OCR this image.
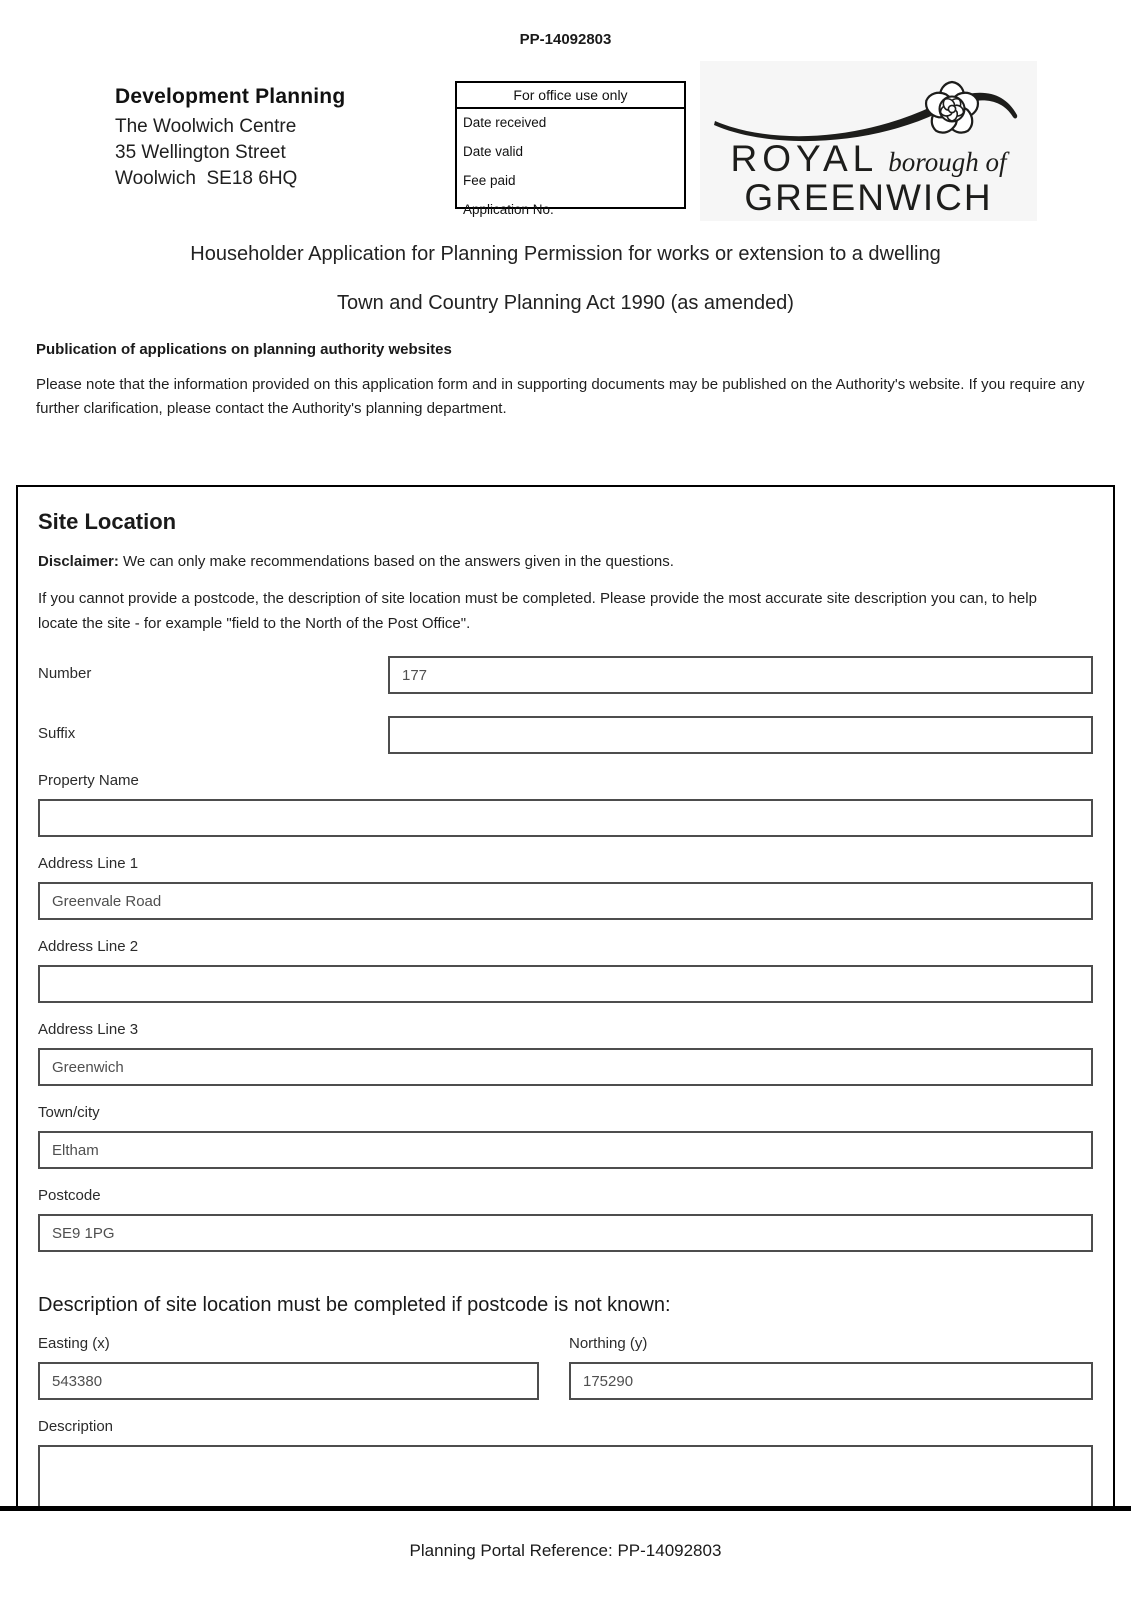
PP-14092803
Development Planning
The Woolwich Centre
35 Wellington Street
Woolwich  SE18 6HQ
For office use only
Date received
Date valid
Fee paid
Application No.
ROYAL borough of
GREENWICH
Householder Application for Planning Permission for works or extension to a dwelling
Town and Country Planning Act 1990 (as amended)
Publication of applications on planning authority websites
Please note that the information provided on this application form and in supporting documents may be published on the Authority's website. If you require any further clarification, please contact the Authority's planning department.
Site Location
Disclaimer: We can only make recommendations based on the answers given in the questions.
If you cannot provide a postcode, the description of site location must be completed. Please provide the most accurate site description you can, to help locate the site - for example "field to the North of the Post Office".
Number
177
Suffix
Property Name
Address Line 1
Greenvale Road
Address Line 2
Address Line 3
Greenwich
Town/city
Eltham
Postcode
SE9 1PG
Description of site location must be completed if postcode is not known:
Easting (x)
543380	Northing (y)
175290
Description
Planning Portal Reference: PP-14092803
